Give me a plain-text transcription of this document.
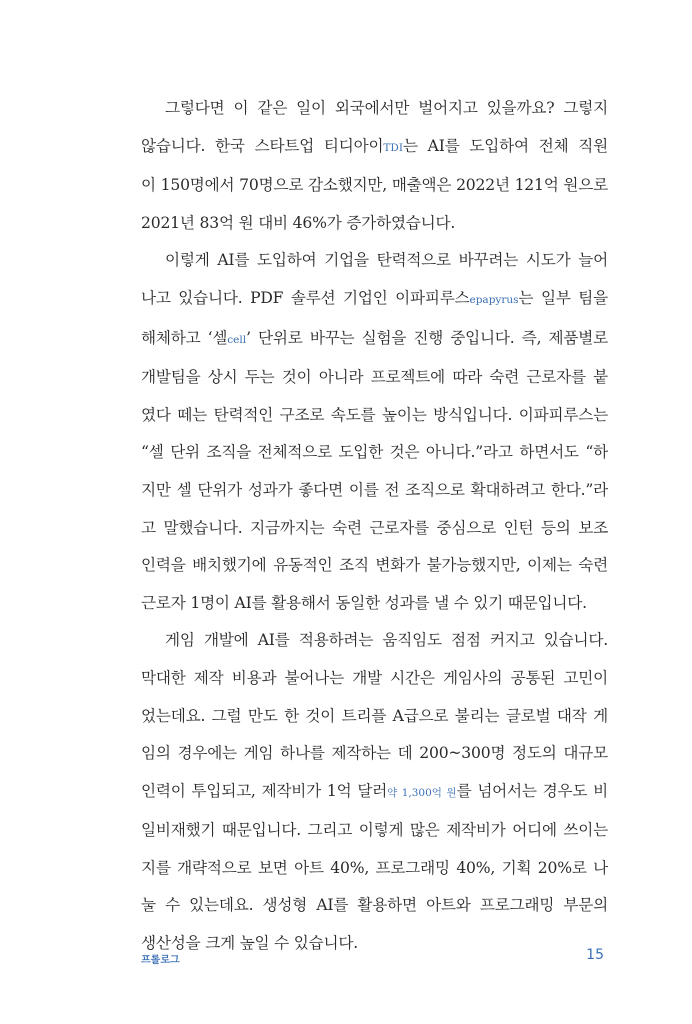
그렇다면 이 같은 일이 외국에서만 벌어지고 있을까요? 그렇지
않습니다. 한국 스타트업 티디아이TDI는 AI를 도입하여 전체 직원
이 150명에서 70명으로 감소했지만, 매출액은 2022년 121억 원으로
2021년 83억 원 대비 46%가 증가하였습니다.
이렇게 AI를 도입하여 기업을 탄력적으로 바꾸려는 시도가 늘어
나고 있습니다. PDF 솔루션 기업인 이파피루스epapyrus는 일부 팀을
해체하고 ‘셀cell’ 단위로 바꾸는 실험을 진행 중입니다. 즉, 제품별로
개발팀을 상시 두는 것이 아니라 프로젝트에 따라 숙련 근로자를 붙
였다 떼는 탄력적인 구조로 속도를 높이는 방식입니다. 이파피루스는
“셀 단위 조직을 전체적으로 도입한 것은 아니다.”라고 하면서도 “하
지만 셀 단위가 성과가 좋다면 이를 전 조직으로 확대하려고 한다.”라
고 말했습니다. 지금까지는 숙련 근로자를 중심으로 인턴 등의 보조
인력을 배치했기에 유동적인 조직 변화가 불가능했지만, 이제는 숙련
근로자 1명이 AI를 활용해서 동일한 성과를 낼 수 있기 때문입니다.
게임 개발에 AI를 적용하려는 움직임도 점점 커지고 있습니다.
막대한 제작 비용과 불어나는 개발 시간은 게임사의 공통된 고민이
었는데요. 그럴 만도 한 것이 트리플 A급으로 불리는 글로벌 대작 게
임의 경우에는 게임 하나를 제작하는 데 200~300명 정도의 대규모
인력이 투입되고, 제작비가 1억 달러약 1,300억 원를 넘어서는 경우도 비
일비재했기 때문입니다. 그리고 이렇게 많은 제작비가 어디에 쓰이는
지를 개략적으로 보면 아트 40%, 프로그래밍 40%, 기획 20%로 나
눌 수 있는데요. 생성형 AI를 활용하면 아트와 프로그래밍 부문의
생산성을 크게 높일 수 있습니다.
프롤로그	15
